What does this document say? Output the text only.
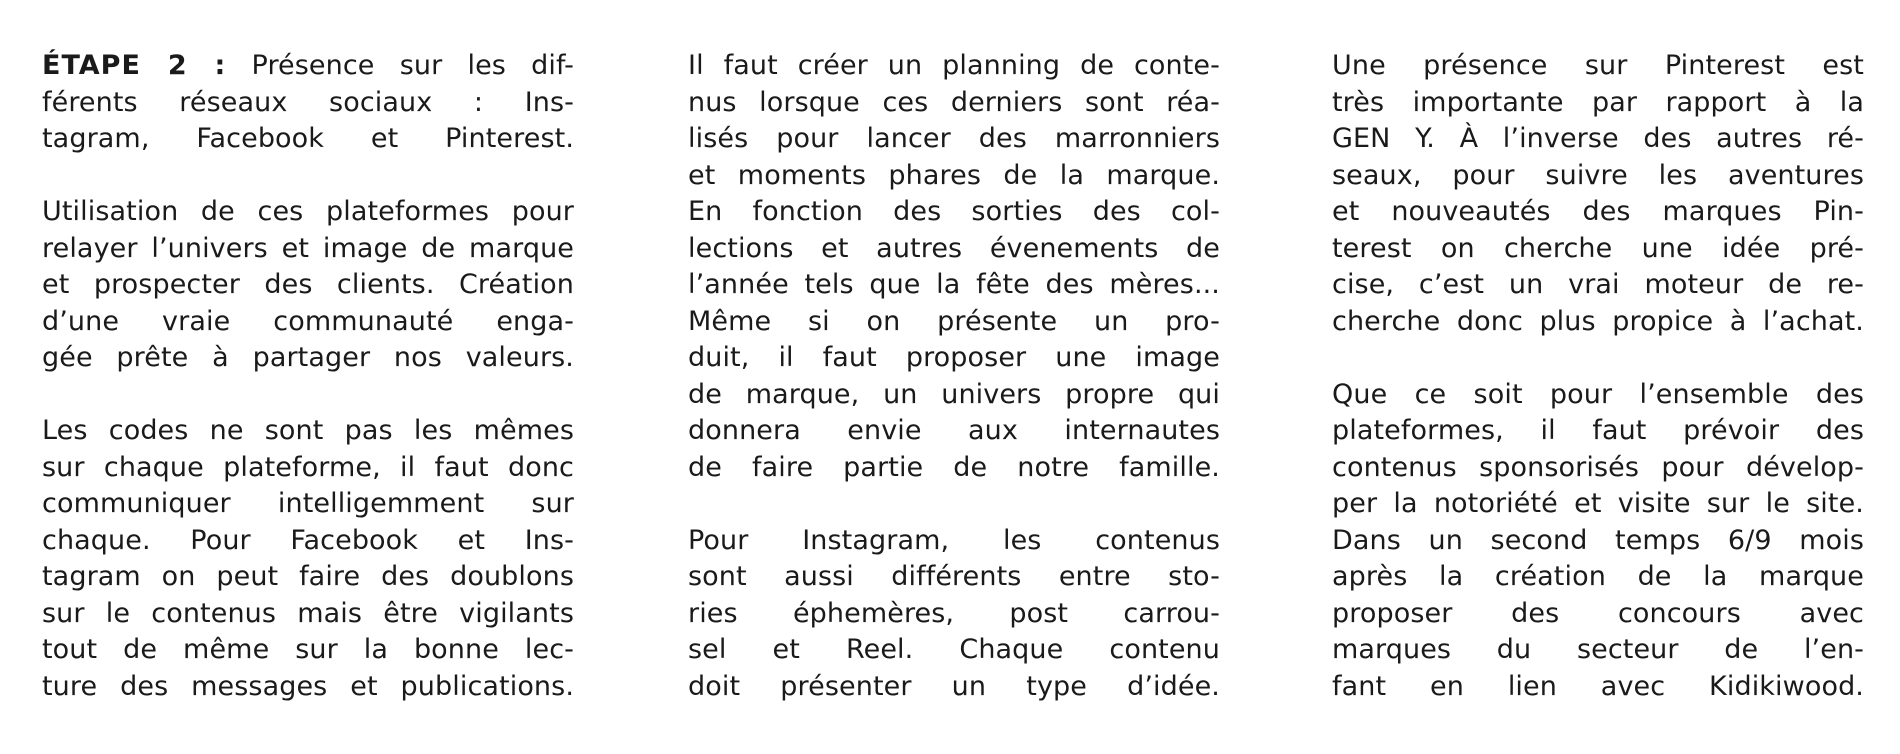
ÉTAPE 2 : Présence sur les dif-
férents réseaux sociaux : Ins-
tagram, Facebook et Pinterest.
Utilisation de ces plateformes pour
relayer l’univers et image de marque
et prospecter des clients. Création
d’une vraie communauté enga-
gée prête à partager nos valeurs.
Les codes ne sont pas les mêmes
sur chaque plateforme, il faut donc
communiquer intelligemment sur
chaque. Pour Facebook et Ins-
tagram on peut faire des doublons
sur le contenus mais être vigilants
tout de même sur la bonne lec-
ture des messages et publications.
Il faut créer un planning de conte-
nus lorsque ces derniers sont réa-
lisés pour lancer des marronniers
et moments phares de la marque.
En fonction des sorties des col-
lections et autres évenements de
l’année tels que la fête des mères...
Même si on présente un pro-
duit, il faut proposer une image
de marque, un univers propre qui
donnera envie aux internautes
de faire partie de notre famille.
Pour Instagram, les contenus
sont aussi différents entre sto-
ries éphemères, post carrou-
sel et Reel. Chaque contenu
doit présenter un type d’idée.
Une présence sur Pinterest est
très importante par rapport à la
GEN Y. À l’inverse des autres ré-
seaux, pour suivre les aventures
et nouveautés des marques Pin-
terest on cherche une idée pré-
cise, c’est un vrai moteur de re-
cherche donc plus propice à l’achat.
Que ce soit pour l’ensemble des
plateformes, il faut prévoir des
contenus sponsorisés pour dévelop-
per la notoriété et visite sur le site.
Dans un second temps 6/9 mois
après la création de la marque
proposer des concours avec
marques du secteur de l’en-
fant en lien avec Kidikiwood.
